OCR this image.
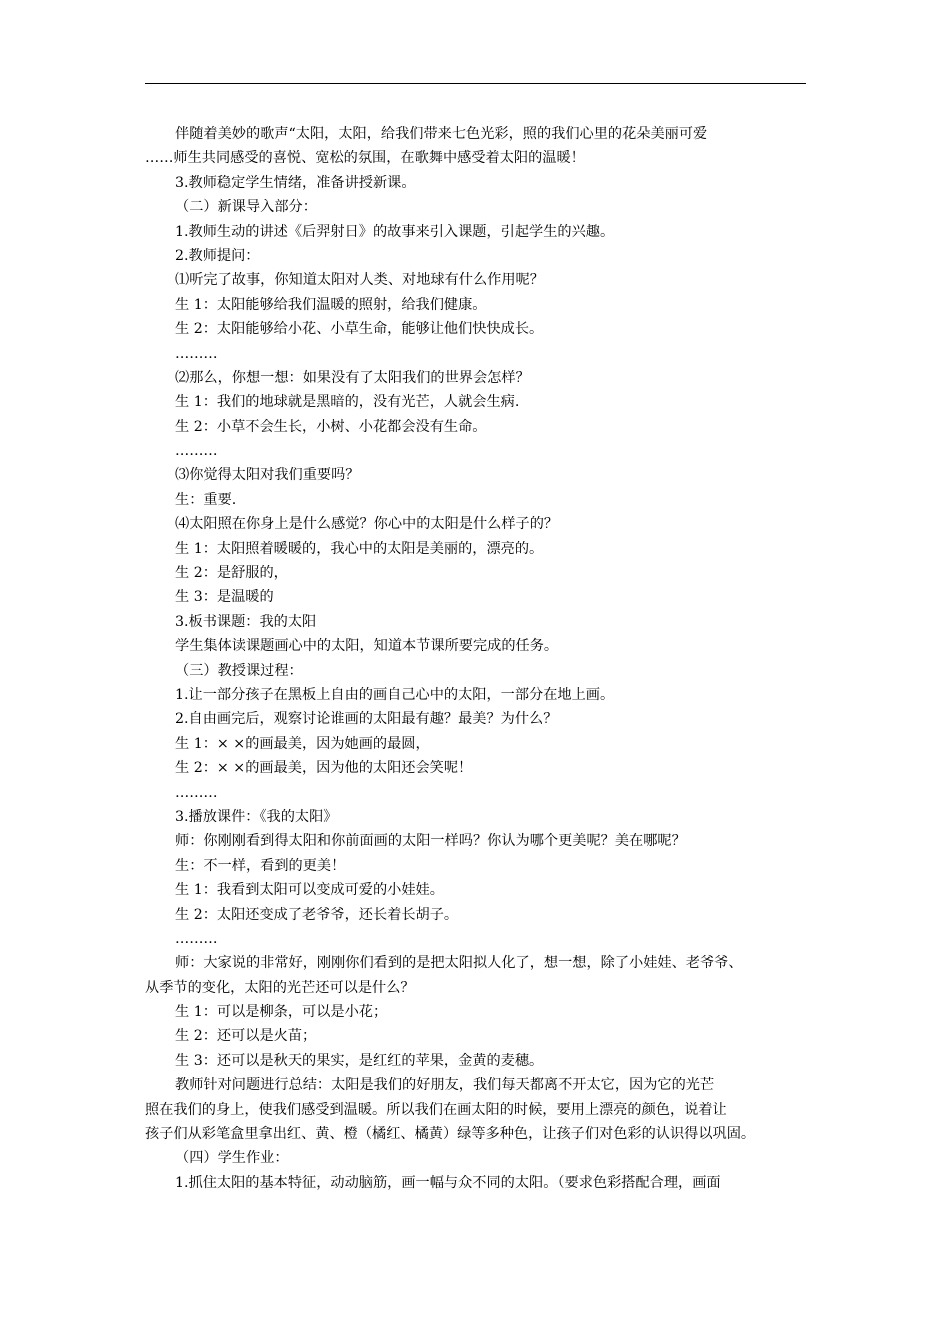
伴随着美妙的歌声“太阳，太阳，给我们带来七色光彩，照的我们心里的花朵美丽可爱
……师生共同感受的喜悦、宽松的氛围，在歌舞中感受着太阳的温暖！
3.教师稳定学生情绪，准备讲授新课。
（二）新课导入部分：
1.教师生动的讲述《后羿射日》的故事来引入课题，引起学生的兴趣。
2.教师提问：
⑴听完了故事，你知道太阳对人类、对地球有什么作用呢？
生 1：太阳能够给我们温暖的照射，给我们健康。
生 2：太阳能够给小花、小草生命，能够让他们快快成长。
………
⑵那么，你想一想：如果没有了太阳我们的世界会怎样？
生 1：我们的地球就是黑暗的，没有光芒，人就会生病.
生 2：小草不会生长，小树、小花都会没有生命。
………
⑶你觉得太阳对我们重要吗？
生：重要.
⑷太阳照在你身上是什么感觉？你心中的太阳是什么样子的？
生 1：太阳照着暖暖的，我心中的太阳是美丽的，漂亮的。
生 2：是舒服的，
生 3：是温暖的
3.板书课题：我的太阳
学生集体读课题画心中的太阳，知道本节课所要完成的任务。
（三）教授课过程：
1.让一部分孩子在黑板上自由的画自己心中的太阳，一部分在地上画。
2.自由画完后，观察讨论谁画的太阳最有趣？最美？为什么？
生 1：× ×的画最美，因为她画的最圆，
生 2：× ×的画最美，因为他的太阳还会笑呢！
………
3.播放课件：《我的太阳》
师：你刚刚看到得太阳和你前面画的太阳一样吗？你认为哪个更美呢？美在哪呢？
生：不一样，看到的更美！
生 1：我看到太阳可以变成可爱的小娃娃。
生 2：太阳还变成了老爷爷，还长着长胡子。
………
师：大家说的非常好，刚刚你们看到的是把太阳拟人化了，想一想，除了小娃娃、老爷爷、
从季节的变化，太阳的光芒还可以是什么？
生 1：可以是柳条，可以是小花；
生 2：还可以是火苗；
生 3：还可以是秋天的果实，是红红的苹果，金黄的麦穗。
教师针对问题进行总结：太阳是我们的好朋友，我们每天都离不开太它，因为它的光芒
照在我们的身上，使我们感受到温暖。所以我们在画太阳的时候，要用上漂亮的颜色，说着让
孩子们从彩笔盒里拿出红、黄、橙（橘红、橘黄）绿等多种色，让孩子们对色彩的认识得以巩固。
（四）学生作业：
1.抓住太阳的基本特征，动动脑筋，画一幅与众不同的太阳。（要求色彩搭配合理，画面
